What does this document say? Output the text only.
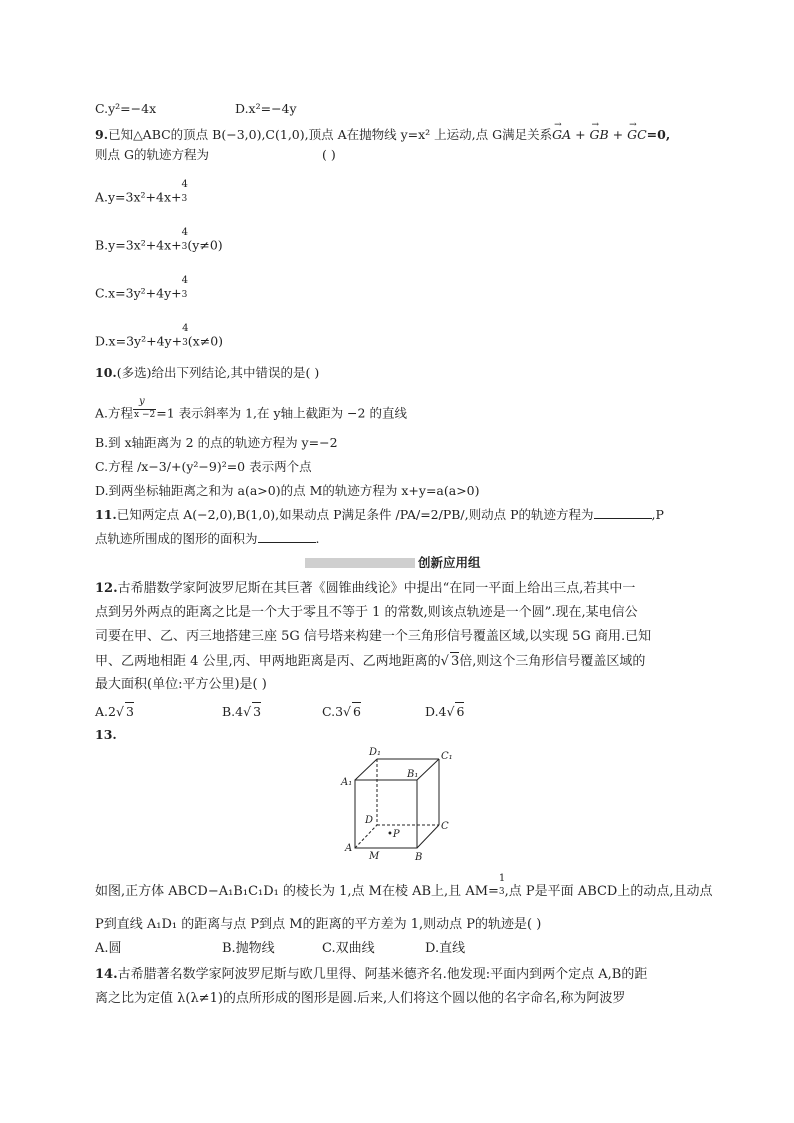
C.y²=−4x	D.x²=−4y
9.已知△ABC的顶点 B(−3,0),C(1,0),顶点 A在抛物线 y=x² 上运动,点 G满足关系→ GA + → GB + → GC=0,
则点 G的轨迹方程为	( )
A.y=3x²+4x+
4
3
B.y=3x²+4x+
4
3(y≠0)
C.x=3y²+4y+
4
3
D.x=3y²+4y+
4
3(x≠0)
10.(多选)给出下列结论,其中错误的是( )
A.方程 $\frac{y}{x -2}=1$ 表示斜率为 1,在 y轴上截距为 −2 的直线
B.到 x轴距离为 2 的点的轨迹方程为 y=−2
C.方程 /x−3/+(y²−9)²=0 表示两个点
D.到两坐标轴距离之和为 a(a>0)的点 M的轨迹方程为 x+y=a(a>0)
11.已知两定点 A(−2,0),B(1,0),如果动点 P满足条件 /PA/=2/PB/,则动点 P的轨迹方程为	,P
点轨迹所围成的图形的面积为	.
创新应用组
12.古希腊数学家阿波罗尼斯在其巨著《圆锥曲线论》中提出“在同一平面上给出三点,若其中一
点到另外两点的距离之比是一个大于零且不等于 1 的常数,则该点轨迹是一个圆”.现在,某电信公
司要在甲、乙、丙三地搭建三座 5G 信号塔来构建一个三角形信号覆盖区域,以实现 5G 商用.已知
甲、乙两地相距 4 公里,丙、甲两地距离是丙、乙两地距离的√ 3倍,则这个三角形信号覆盖区域的
最大面积(单位:平方公里)是( )
A.2√ 3	B.4√ 3	C.3√ 6	D.4√ 6
13.
D₁	C₁
A₁
B₁
D
C
A
B
M
•P
如图,正方体 ABCD−A₁B₁C₁D₁ 的棱长为 1,点 M在棱 AB上,且 AM=
1
3,点 P是平面 ABCD上的动点,且动点
P到直线 A₁D₁ 的距离与点 P到点 M的距离的平方差为 1,则动点 P的轨迹是( )
A.圆	B.抛物线	C.双曲线	D.直线
14.古希腊著名数学家阿波罗尼斯与欧几里得、阿基米德齐名.他发现:平面内到两个定点 A,B的距
离之比为定值 λ(λ≠1)的点所形成的图形是圆.后来,人们将这个圆以他的名字命名,称为阿波罗
